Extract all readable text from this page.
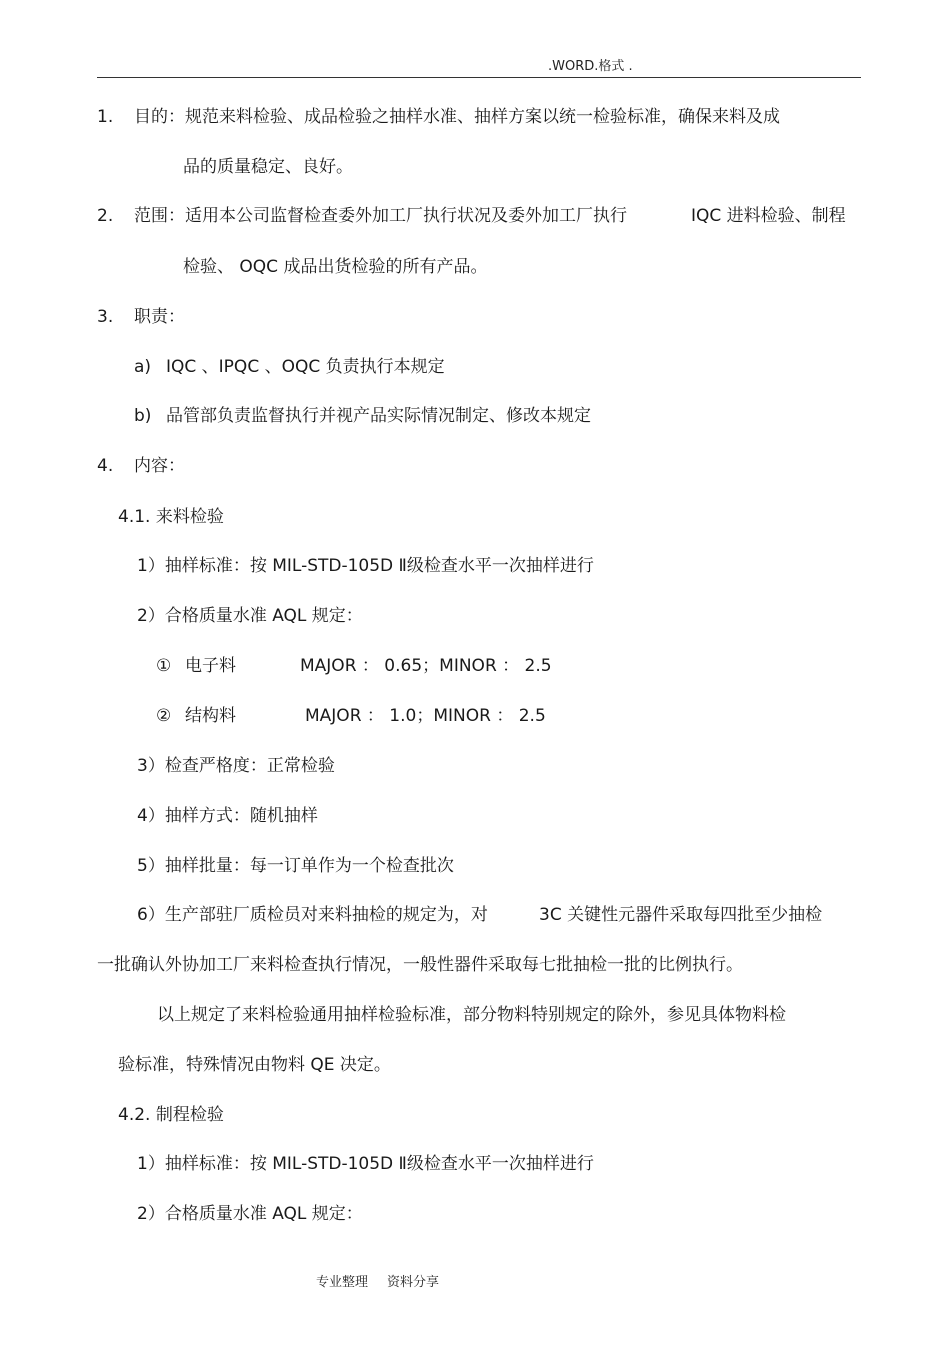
.WORD.格式 .
1. 目的：规范来料检验、成品检验之抽样水准、抽样方案以统一检验标准，确保来料及成
品的质量稳定、良好。
2. 范围：适用本公司监督检查委外加工厂执行状况及委外加工厂执行	IQC 进料检验、制程
检验、 OQC 成品出货检验的所有产品。
3. 职责：
a) IQC 、IPQC 、OQC 负责执行本规定
b) 品管部负责监督执行并视产品实际情况制定、修改本规定
4. 内容：
4.1. 来料检验
1）抽样标准：按 MIL-STD-105D Ⅱ级检查水平一次抽样进行
2）合格质量水准 AQL 规定：
① 电子料	MAJOR ： 0.65；MINOR ： 2.5
② 结构料	MAJOR ： 1.0；MINOR ： 2.5
3）检查严格度：正常检验
4）抽样方式：随机抽样
5）抽样批量：每一订单作为一个检查批次
6）生产部驻厂质检员对来料抽检的规定为，对	3C 关键性元器件采取每四批至少抽检
一批确认外协加工厂来料检查执行情况，一般性器件采取每七批抽检一批的比例执行。
以上规定了来料检验通用抽样检验标准，部分物料特别规定的除外，参见具体物料检
验标准，特殊情况由物料 QE 决定。
4.2. 制程检验
1）抽样标准：按 MIL-STD-105D Ⅱ级检查水平一次抽样进行
2）合格质量水准 AQL 规定：
专业整理 资料分享
